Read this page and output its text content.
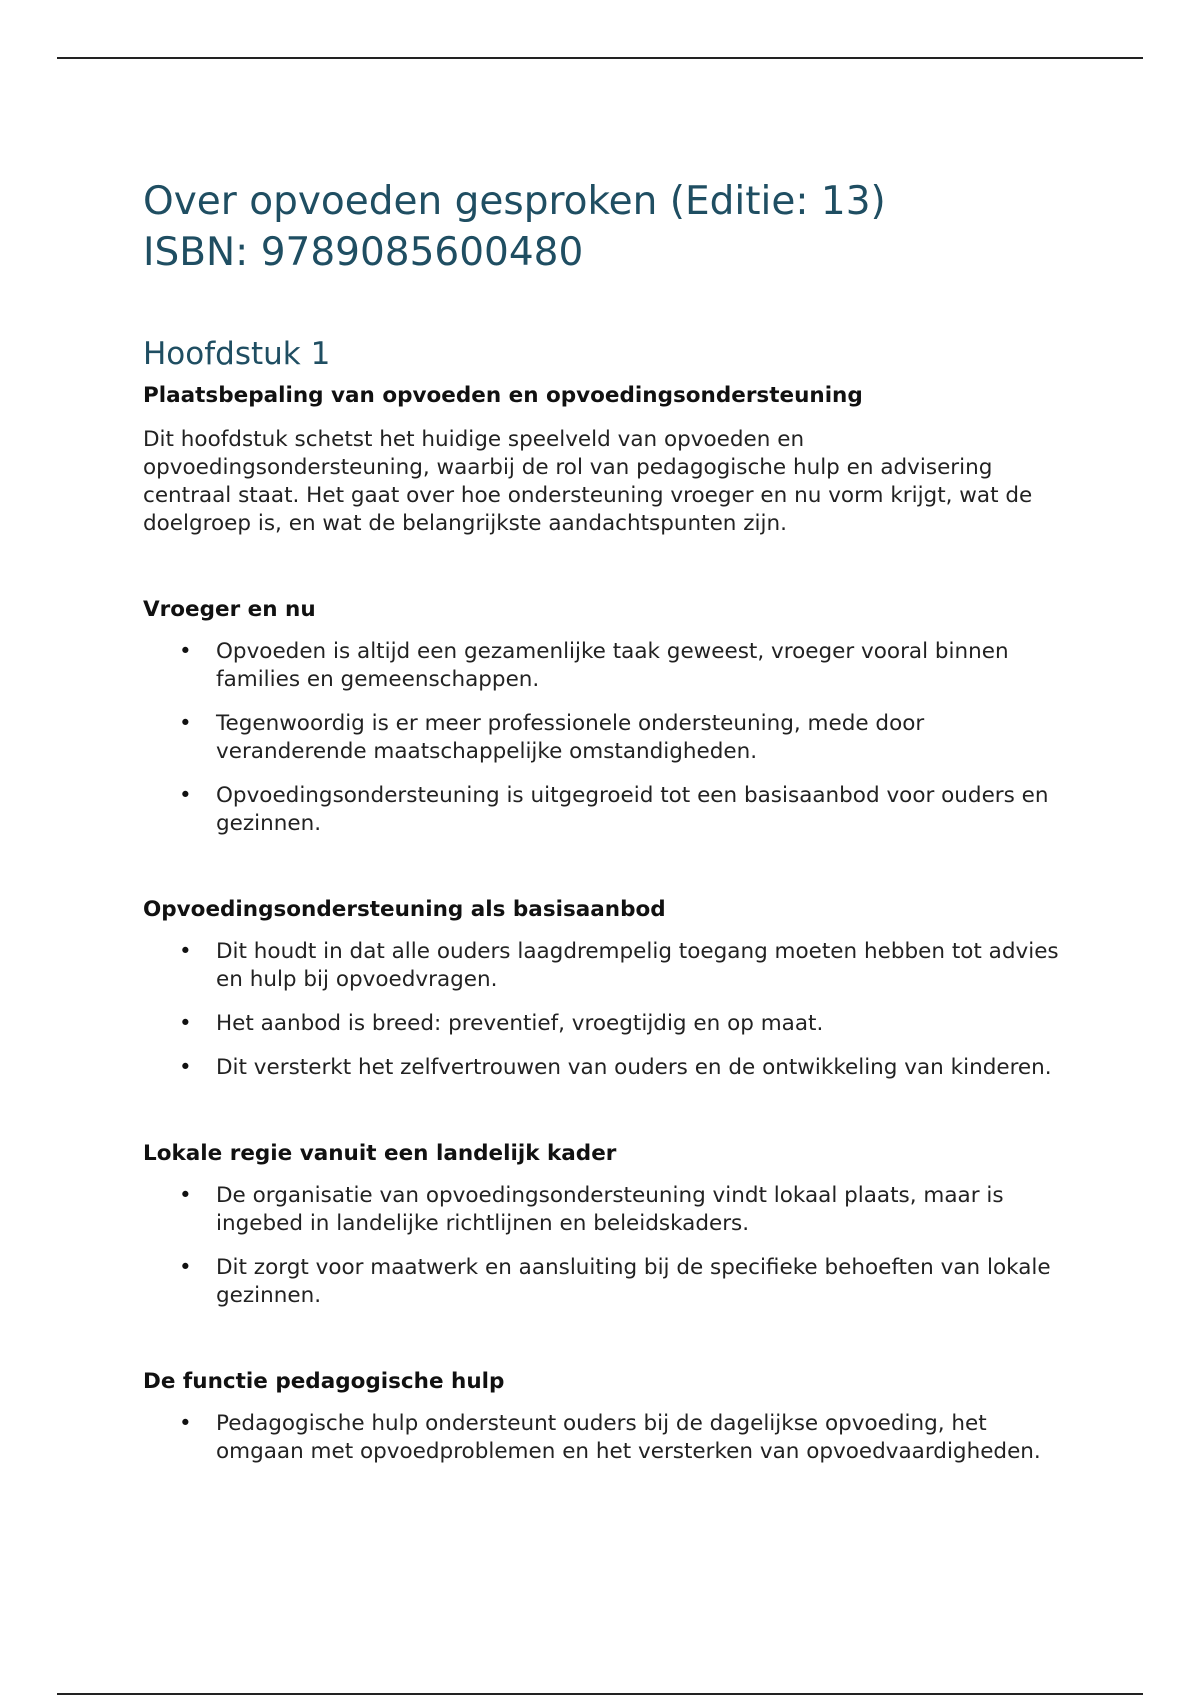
Over opvoeden gesproken (Editie: 13)
ISBN: 9789085600480
Hoofdstuk 1
Plaatsbepaling van opvoeden en opvoedingsondersteuning

Dit hoofdstuk schetst het huidige speelveld van opvoeden en opvoedingsondersteuning, waarbij de rol van pedagogische hulp en advisering centraal staat. Het gaat over hoe ondersteuning vroeger en nu vorm krijgt, wat de doelgroep is, en wat de belangrijkste aandachtspunten zijn.

Vroeger en nu
• Opvoeden is altijd een gezamenlijke taak geweest, vroeger vooral binnen families en gemeenschappen.
• Tegenwoordig is er meer professionele ondersteuning, mede door veranderende maatschappelijke omstandigheden.
• Opvoedingsondersteuning is uitgegroeid tot een basisaanbod voor ouders en gezinnen.
Opvoedingsondersteuning als basisaanbod
• Dit houdt in dat alle ouders laagdrempelig toegang moeten hebben tot advies en hulp bij opvoedvragen.
• Het aanbod is breed: preventief, vroegtijdig en op maat.
• Dit versterkt het zelfvertrouwen van ouders en de ontwikkeling van kinderen.
Lokale regie vanuit een landelijk kader
• De organisatie van opvoedingsondersteuning vindt lokaal plaats, maar is ingebed in landelijke richtlijnen en beleidskaders.
• Dit zorgt voor maatwerk en aansluiting bij de specifieke behoeften van lokale gezinnen.
De functie pedagogische hulp
• Pedagogische hulp ondersteunt ouders bij de dagelijkse opvoeding, het omgaan met opvoedproblemen en het versterken van opvoedvaardigheden.
